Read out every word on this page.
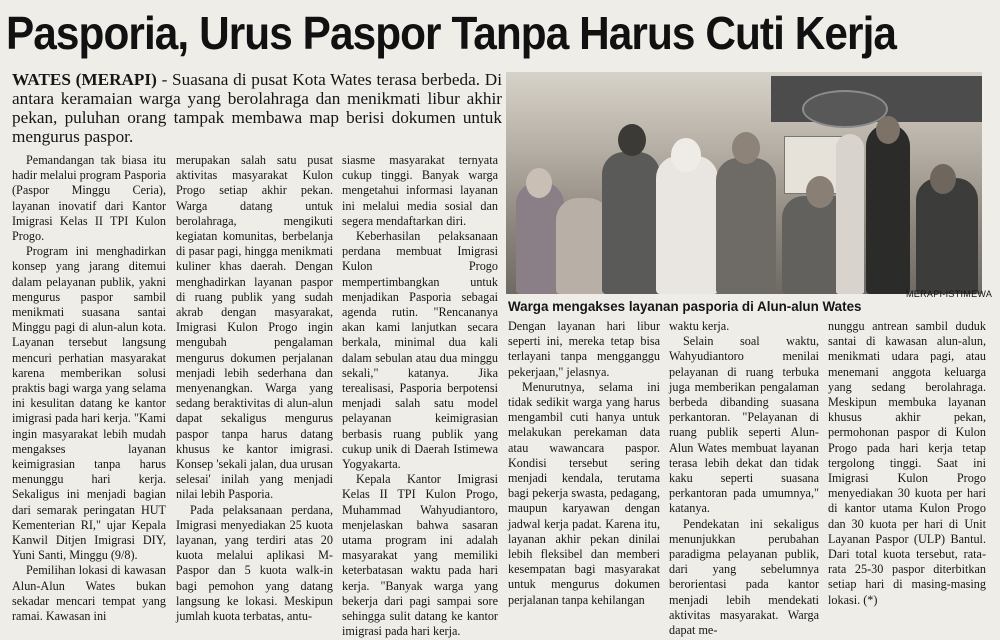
Pasporia, Urus Paspor Tanpa Harus Cuti Kerja
WATES (MERAPI) - Suasana di pusat Kota Wates terasa berbeda. Di antara keramaian warga yang berolahraga dan menikmati libur akhir pekan, puluhan orang tampak membawa map berisi dokumen untuk mengurus paspor.

Pemandangan tak biasa itu hadir melalui program Pasporia (Paspor Minggu Ceria), layanan inovatif dari Kantor Imigrasi Kelas II TPI Kulon Progo.

Program ini menghadirkan konsep yang jarang ditemui dalam pelayanan publik, yakni mengurus paspor sambil menikmati suasana santai Minggu pagi di alun-alun kota. Layanan tersebut langsung mencuri perhatian masyarakat karena memberikan solusi praktis bagi warga yang selama ini kesulitan datang ke kantor imigrasi pada hari kerja. "Kami ingin masyarakat lebih mudah mengakses layanan keimigrasian tanpa harus menunggu hari kerja. Sekaligus ini menjadi bagian dari semarak peringatan HUT Kementerian RI," ujar Kepala Kanwil Ditjen Imigrasi DIY, Yuni Santi, Minggu (9/8).

Pemilihan lokasi di kawasan Alun-Alun Wates bukan sekadar mencari tempat yang ramai. Kawasan ini

merupakan salah satu pusat aktivitas masyarakat Kulon Progo setiap akhir pekan. Warga datang untuk berolahraga, mengikuti kegiatan komunitas, berbelanja di pasar pagi, hingga menikmati kuliner khas daerah. Dengan menghadirkan layanan paspor di ruang publik yang sudah akrab dengan masyarakat, Imigrasi Kulon Progo ingin mengubah pengalaman mengurus dokumen perjalanan menjadi lebih sederhana dan menyenangkan. Warga yang sedang beraktivitas di alun-alun dapat sekaligus mengurus paspor tanpa harus datang khusus ke kantor imigrasi. Konsep 'sekali jalan, dua urusan selesai' inilah yang menjadi nilai lebih Pasporia.

Pada pelaksanaan perdana, Imigrasi menyediakan 25 kuota layanan, yang terdiri atas 20 kuota melalui aplikasi M-Paspor dan 5 kuota walk-in bagi pemohon yang datang langsung ke lokasi. Meskipun jumlah kuota terbatas, antu-

siasme masyarakat ternyata cukup tinggi. Banyak warga mengetahui informasi layanan ini melalui media sosial dan segera mendaftarkan diri.

Keberhasilan pelaksanaan perdana membuat Imigrasi Kulon Progo mempertimbangkan untuk menjadikan Pasporia sebagai agenda rutin. "Rencananya akan kami lanjutkan secara berkala, minimal dua kali dalam sebulan atau dua minggu sekali," katanya. Jika terealisasi, Pasporia berpotensi menjadi salah satu model pelayanan keimigrasian berbasis ruang publik yang cukup unik di Daerah Istimewa Yogyakarta.

Kepala Kantor Imigrasi Kelas II TPI Kulon Progo, Muhammad Wahyudiantoro, menjelaskan bahwa sasaran utama program ini adalah masyarakat yang memiliki keterbatasan waktu pada hari kerja. "Banyak warga yang bekerja dari pagi sampai sore sehingga sulit datang ke kantor imigrasi pada hari kerja.

MERAPI-ISTIMEWA
Warga mengakses layanan pasporia di Alun-alun Wates

Dengan layanan hari libur seperti ini, mereka tetap bisa terlayani tanpa mengganggu pekerjaan," jelasnya.

Menurutnya, selama ini tidak sedikit warga yang harus mengambil cuti hanya untuk melakukan perekaman data atau wawancara paspor. Kondisi tersebut sering menjadi kendala, terutama bagi pekerja swasta, pedagang, maupun karyawan dengan jadwal kerja padat. Karena itu, layanan akhir pekan dinilai lebih fleksibel dan memberi kesempatan bagi masyarakat untuk mengurus dokumen perjalanan tanpa kehilangan

waktu kerja.

Selain soal waktu, Wahyudiantoro menilai pelayanan di ruang terbuka juga memberikan pengalaman berbeda dibanding suasana perkantoran. "Pelayanan di ruang publik seperti Alun-Alun Wates membuat layanan terasa lebih dekat dan tidak kaku seperti suasana perkantoran pada umumnya," katanya.

Pendekatan ini sekaligus menunjukkan perubahan paradigma pelayanan publik, dari yang sebelumnya berorientasi pada kantor menjadi lebih mendekati aktivitas masyarakat. Warga dapat me-

nunggu antrean sambil duduk santai di kawasan alun-alun, menikmati udara pagi, atau menemani anggota keluarga yang sedang berolahraga. Meskipun membuka layanan khusus akhir pekan, permohonan paspor di Kulon Progo pada hari kerja tetap tergolong tinggi. Saat ini Imigrasi Kulon Progo menyediakan 30 kuota per hari di kantor utama Kulon Progo dan 30 kuota per hari di Unit Layanan Paspor (ULP) Bantul. Dari total kuota tersebut, rata-rata 25-30 paspor diterbitkan setiap hari di masing-masing lokasi. (*)
